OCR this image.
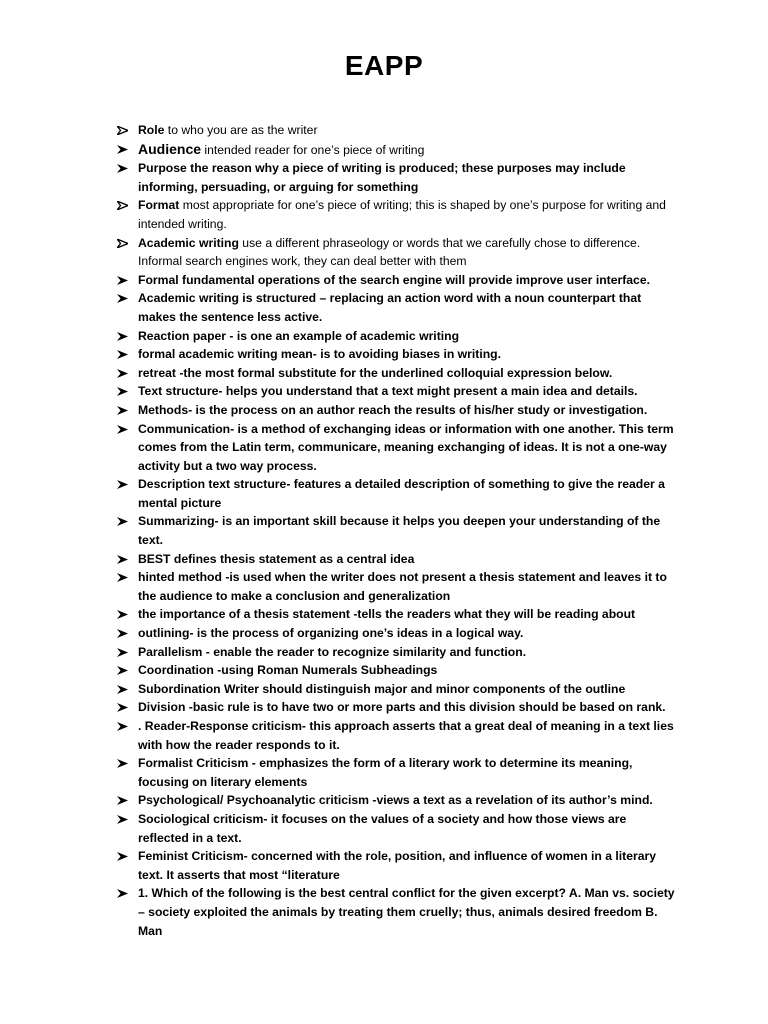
EAPP
Role to who you are as the writer
Audience intended reader for one’s piece of writing
Purpose the reason why a piece of writing is produced; these purposes may include informing, persuading, or arguing for something
Format most appropriate for one’s piece of writing; this is shaped by one’s purpose for writing and intended writing.
Academic writing use a different phraseology or words that we carefully chose to difference. Informal search engines work, they can deal better with them
Formal fundamental operations of the search engine will provide improve user interface.
Academic writing is structured – replacing an action word with a noun counterpart that makes the sentence less active.
Reaction paper - is one an example of academic writing
formal academic writing mean- is to avoiding biases in writing.
retreat -the most formal substitute for the underlined colloquial expression below.
Text structure- helps you understand that a text might present a main idea and details.
Methods- is the process on an author reach the results of his/her study or investigation.
Communication- is a method of exchanging ideas or information with one another. This term comes from the Latin term, communicare, meaning exchanging of ideas. It is not a one-way activity but a two way process.
Description text structure- features a detailed description of something to give the reader a mental picture
Summarizing- is an important skill because it helps you deepen your understanding of the text.
BEST defines thesis statement as a central idea
hinted method -is used when the writer does not present a thesis statement and leaves it to the audience to make a conclusion and generalization
the importance of a thesis statement -tells the readers what they will be reading about
outlining- is the process of organizing one’s ideas in a logical way.
Parallelism - enable the reader to recognize similarity and function.
Coordination -using Roman Numerals Subheadings
Subordination Writer should distinguish major and minor components of the outline
Division -basic rule is to have two or more parts and this division should be based on rank.
. Reader-Response criticism- this approach asserts that a great deal of meaning in a text lies with how the reader responds to it.
Formalist Criticism - emphasizes the form of a literary work to determine its meaning, focusing on literary elements
Psychological/ Psychoanalytic criticism -views a text as a revelation of its author’s mind.
Sociological criticism- it focuses on the values of a society and how those views are reflected in a text.
Feminist Criticism- concerned with the role, position, and influence of women in a literary text. It asserts that most “literature
1. Which of the following is the best central conflict for the given excerpt? A. Man vs. society – society exploited the animals by treating them cruelly; thus, animals desired freedom B. Man
